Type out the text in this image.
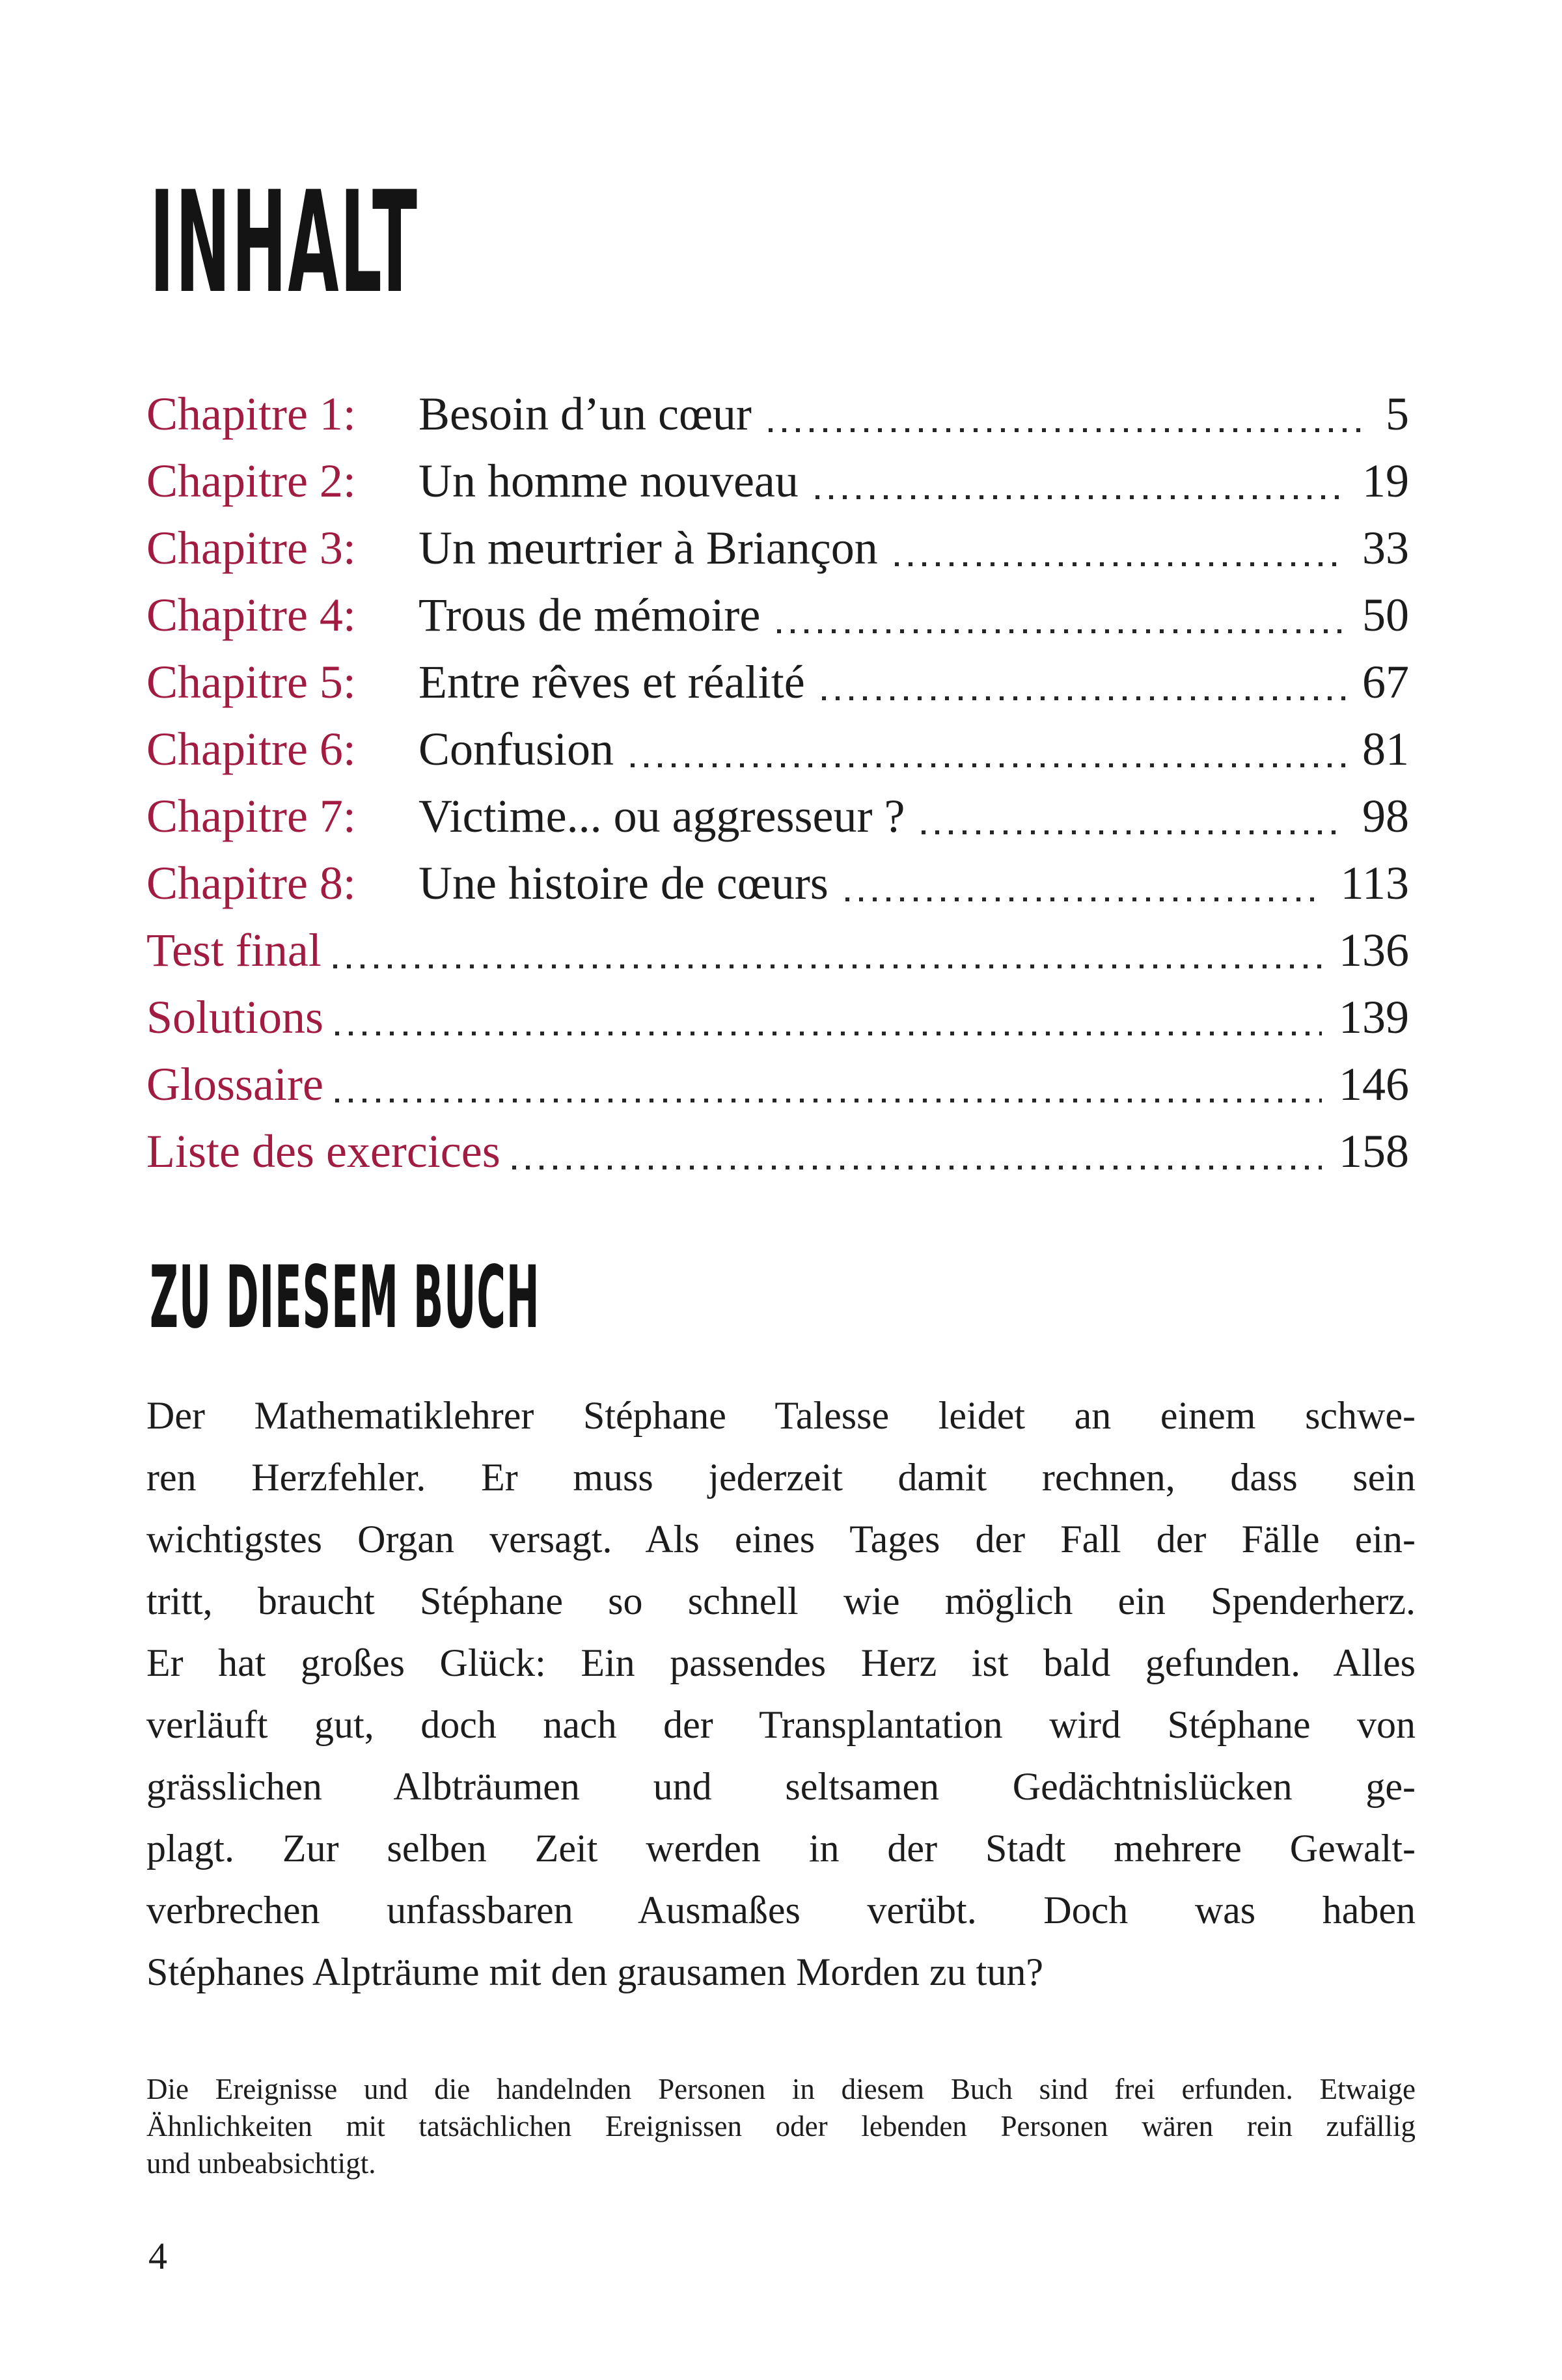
INHALT
Chapitre 1:	Besoin d’un cœur	5
Chapitre 2:	Un homme nouveau	19
Chapitre 3:	Un meurtrier à Briançon	33
Chapitre 4:	Trous de mémoire	50
Chapitre 5:	Entre rêves et réalité	67
Chapitre 6:	Confusion	81
Chapitre 7:	Victime... ou aggresseur ?	98
Chapitre 8:	Une histoire de cœurs	113
Test final	136
Solutions	139
Glossaire	146
Liste des exercices	158
ZU DIESEM BUCH
Der Mathematiklehrer Stéphane Talesse leidet an einem schwe-
ren Herzfehler. Er muss jederzeit damit rechnen, dass sein
wichtigstes Organ versagt. Als eines Tages der Fall der Fälle ein-
tritt, braucht Stéphane so schnell wie möglich ein Spenderherz.
Er hat großes Glück: Ein passendes Herz ist bald gefunden. Alles
verläuft gut, doch nach der Transplantation wird Stéphane von
grässlichen Albträumen und seltsamen Gedächtnislücken ge-
plagt. Zur selben Zeit werden in der Stadt mehrere Gewalt-
verbrechen unfassbaren Ausmaßes verübt. Doch was haben
Stéphanes Alpträume mit den grausamen Morden zu tun?
Die Ereignisse und die handelnden Personen in diesem Buch sind frei erfunden. Etwaige
Ähnlichkeiten mit tatsächlichen Ereignissen oder lebenden Personen wären rein zufällig
und unbeabsichtigt.
4
